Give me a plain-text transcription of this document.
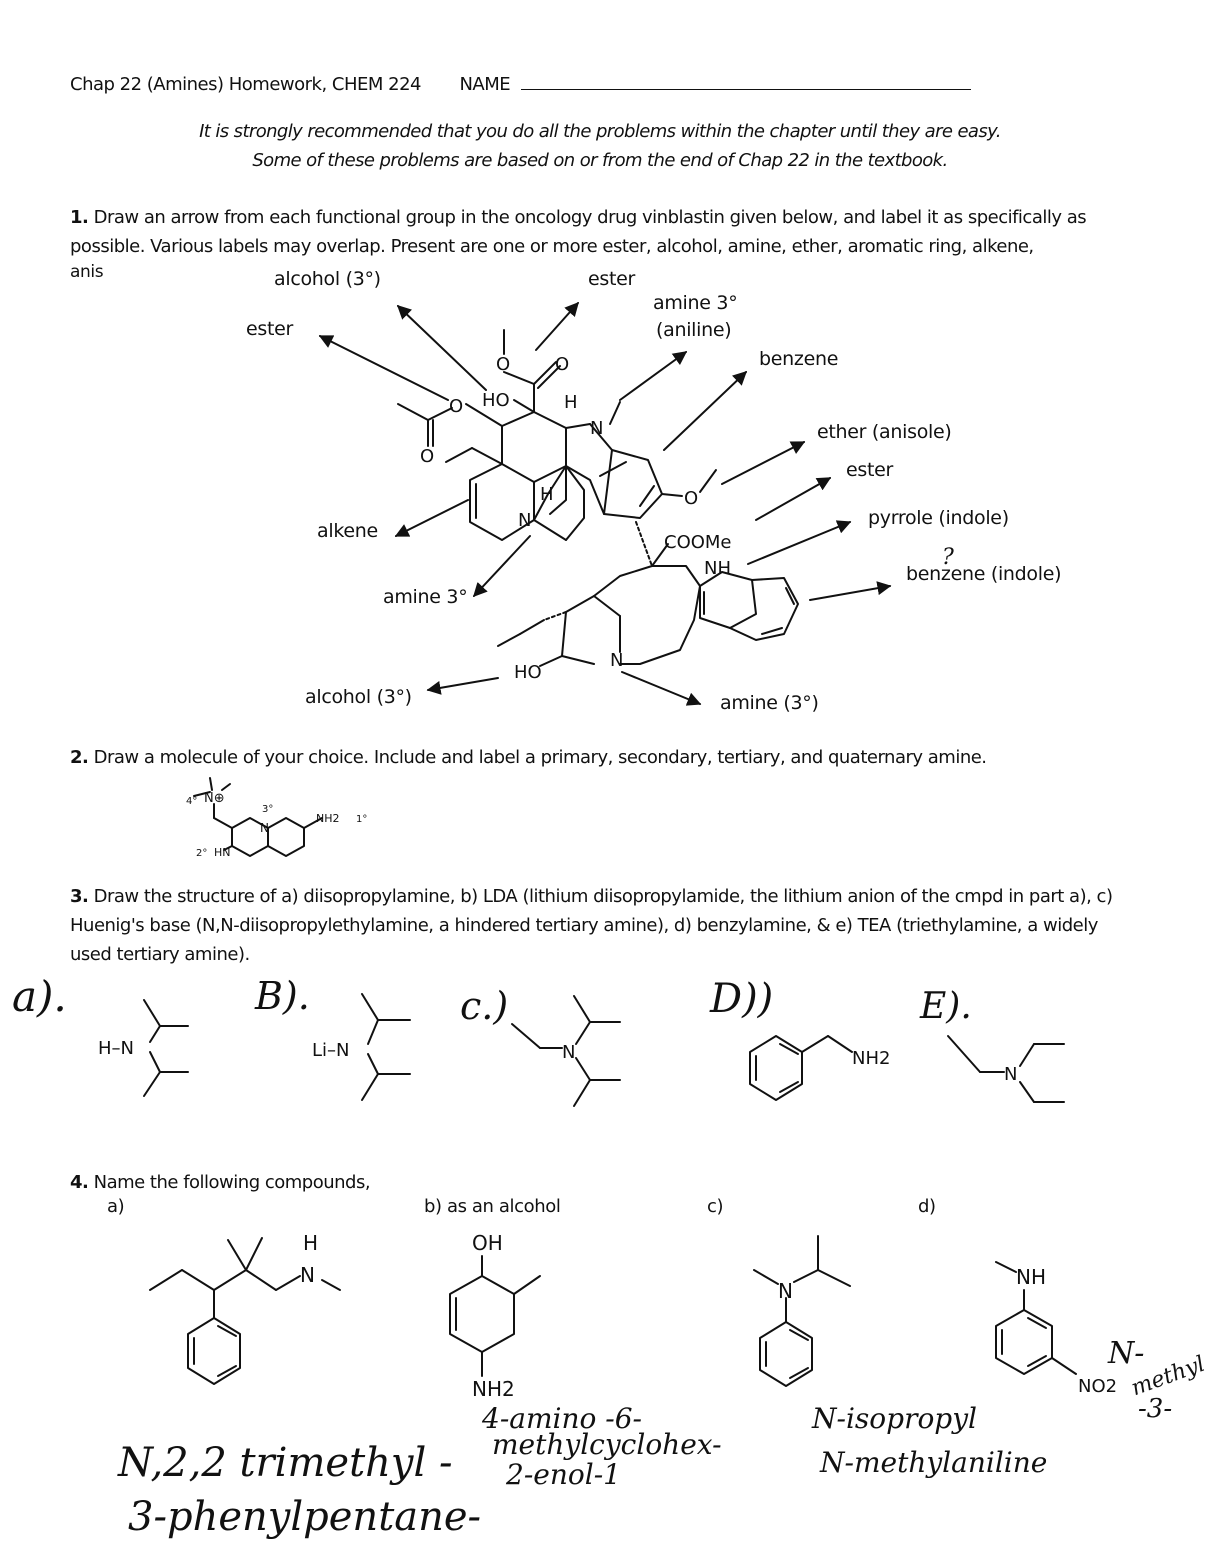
Chap 22 (Amines) Homework, CHEM 224 NAME
It is strongly recommended that you do all the problems within the chapter until they are easy.
Some of these problems are based on or from the end of Chap 22 in the textbook.
1. Draw an arrow from each functional group in the oncology drug vinblastin given below, and label it as specifically as possible. Various labels may overlap. Present are one or more ester, alcohol, amine, ether, aromatic ring, alkene,
anis	alcohol (3°)	ester
ester
amine 3°
(aniline)
benzene
ether (anisole)
ester
pyrrole (indole)
benzene (indole)
?
alkene
amine 3°
alcohol (3°)	amine (3°)
2. Draw a molecule of your choice. Include and label a primary, secondary, tertiary, and quaternary amine.
3. Draw the structure of a) diisopropylamine, b) LDA (lithium diisopropylamide, the lithium anion of the cmpd in part a), c) Huenig's base (N,N-diisopropylethylamine, a hindered tertiary amine), d) benzylamine, & e) TEA (triethylamine, a widely used tertiary amine).
a).	B).	c.)	D))	E).
4. Name the following compounds,
a)	b) as an alcohol	c)	d)
N,2,2 trimethyl -
3-phenylpentane-
4-amino -6-
methylcyclohex-
2-enol-1
N-isopropyl
N-methylaniline
N-
methyl
-3-
O O
O
O
HO	H
N
H
N
O
COOMe
NH
HO
N
N⊕
4°
3°
N
NH2 1°
2° HN
H–N	Li–N	N	NH2
N
H
N
OH
NH2
N
NH
NO2
